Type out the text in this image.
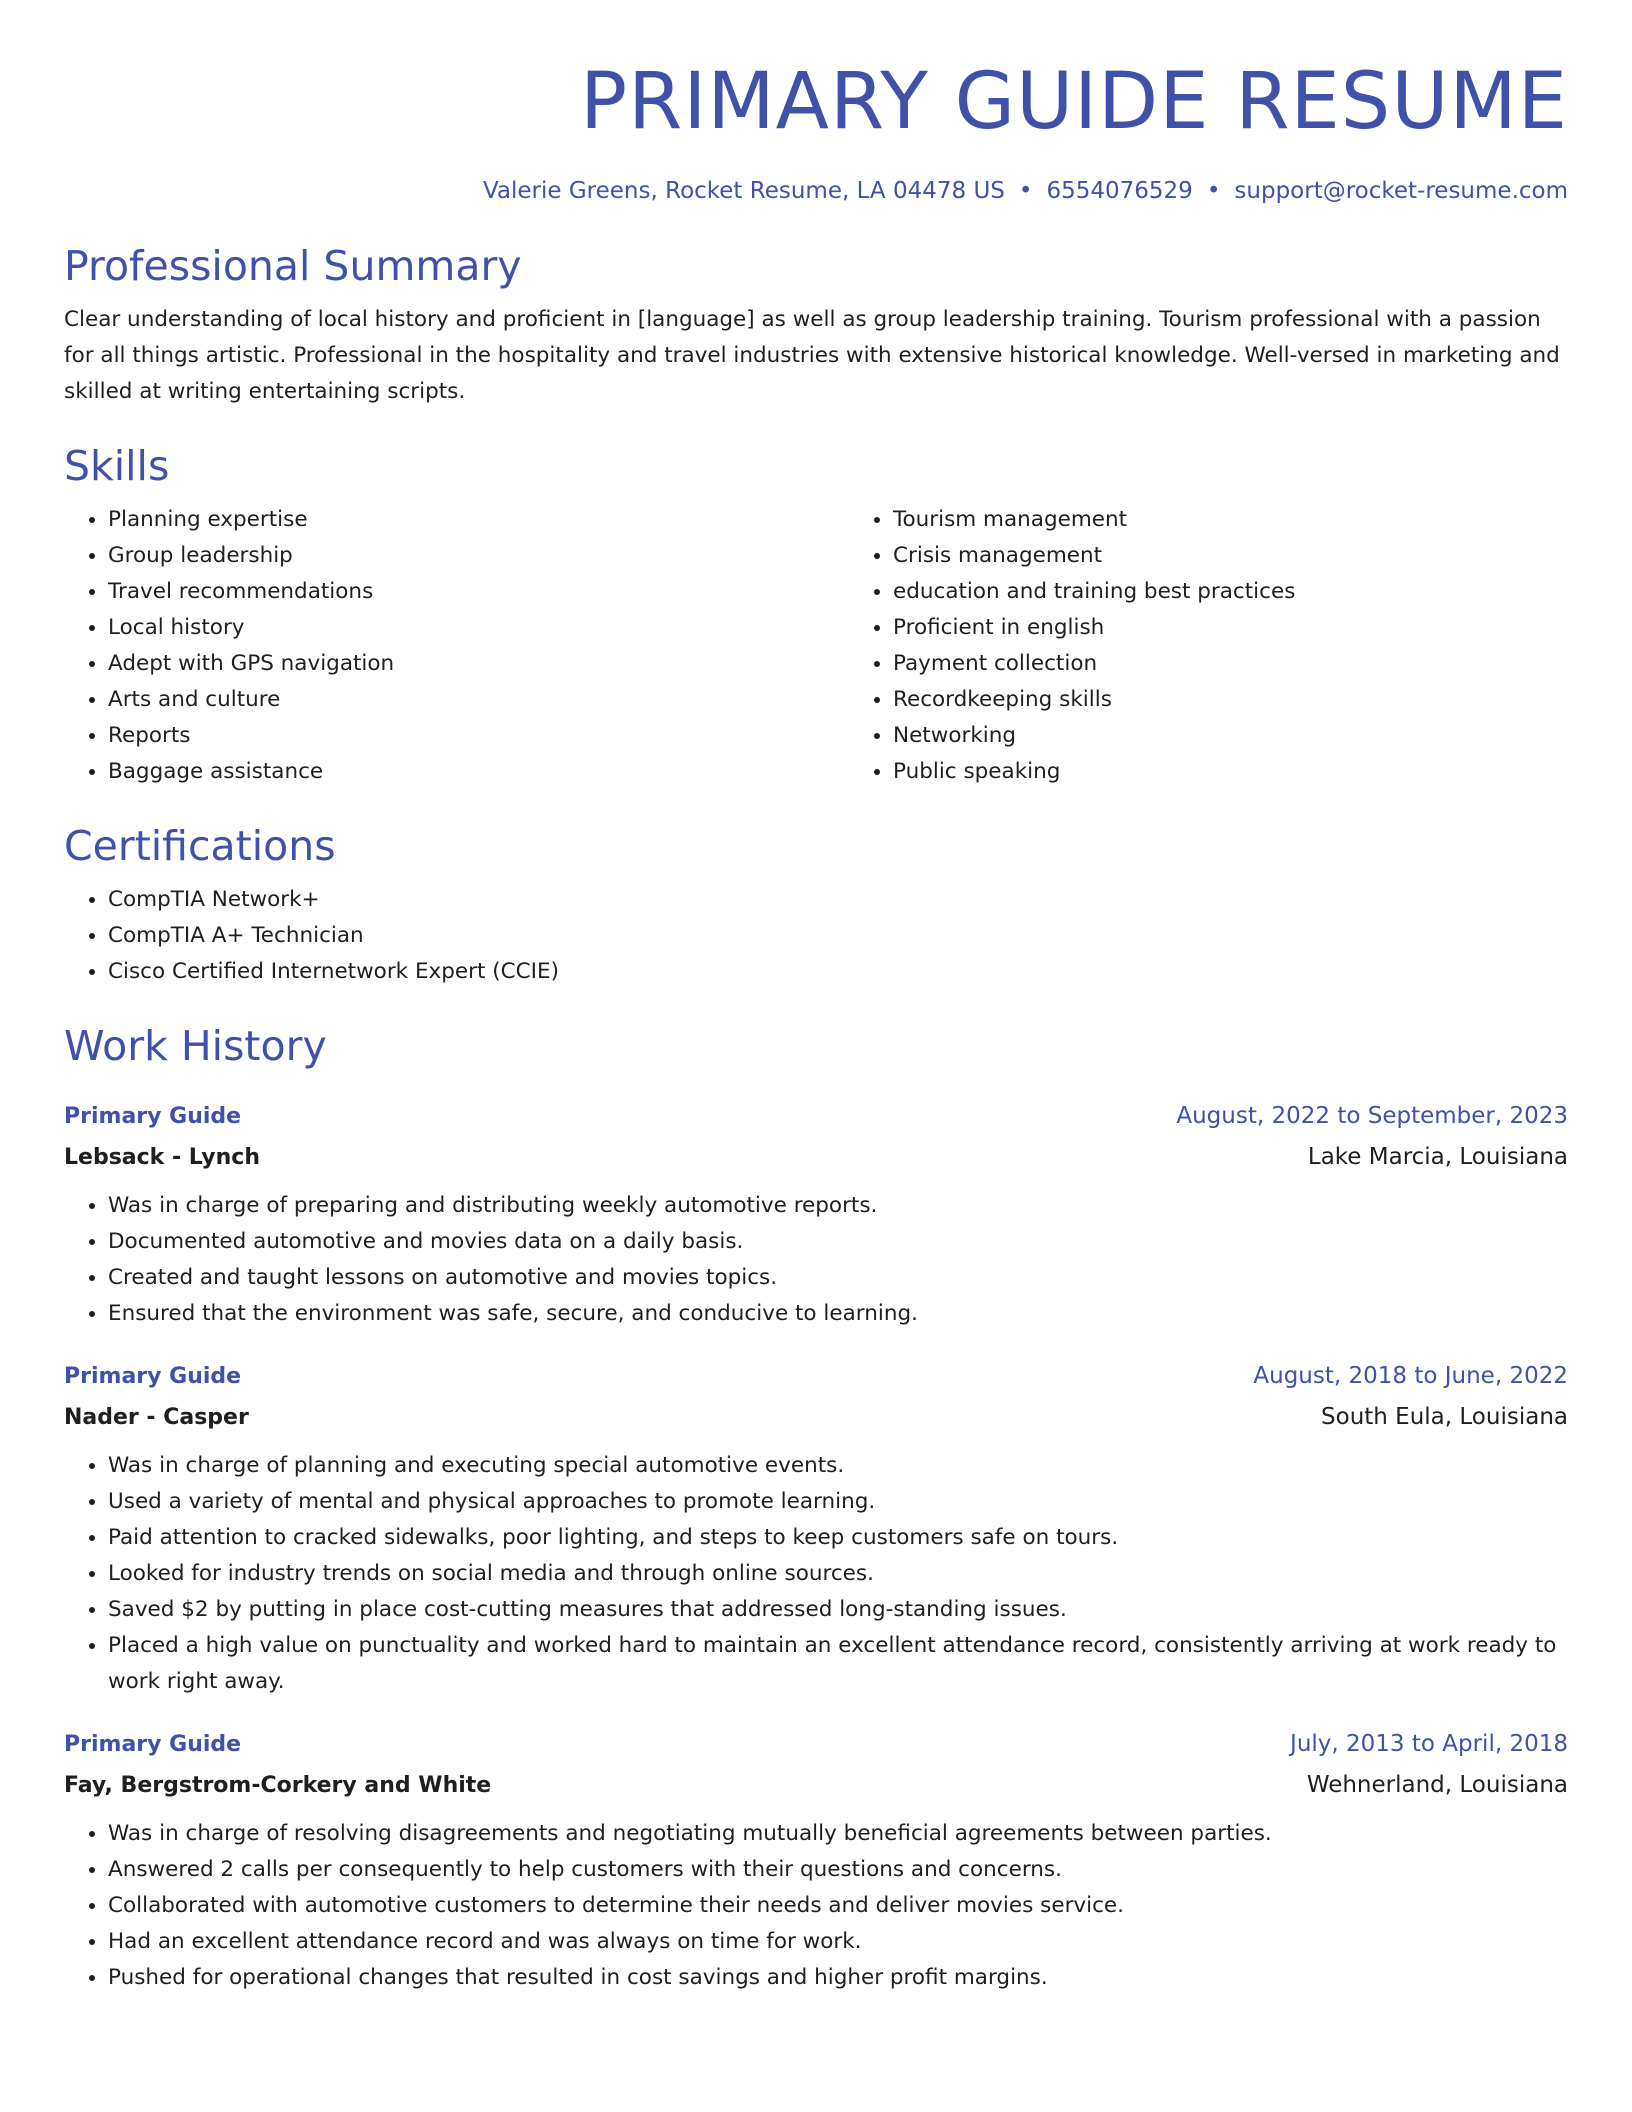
PRIMARY GUIDE RESUME
Valerie Greens, Rocket Resume, LA 04478 US • 6554076529 • support@rocket-resume.com
Professional Summary

Clear understanding of local history and proficient in [language] as well as group leadership training. Tourism professional with a passion for all things artistic. Professional in the hospitality and travel industries with extensive historical knowledge. Well-versed in marketing and skilled at writing entertaining scripts.

Skills
• Planning expertise
• Group leadership
• Travel recommendations
• Local history
• Adept with GPS navigation
• Arts and culture
• Reports
• Baggage assistance
• Tourism management
• Crisis management
• education and training best practices
• Proficient in english
• Payment collection
• Recordkeeping skills
• Networking
• Public speaking
Certifications
• CompTIA Network+
• CompTIA A+ Technician
• Cisco Certified Internetwork Expert (CCIE)
Work History
Primary Guide	August, 2022 to September, 2023
Lebsack - Lynch	Lake Marcia, Louisiana
• Was in charge of preparing and distributing weekly automotive reports.
• Documented automotive and movies data on a daily basis.
• Created and taught lessons on automotive and movies topics.
• Ensured that the environment was safe, secure, and conducive to learning.
Primary Guide	August, 2018 to June, 2022
Nader - Casper	South Eula, Louisiana
• Was in charge of planning and executing special automotive events.
• Used a variety of mental and physical approaches to promote learning.
• Paid attention to cracked sidewalks, poor lighting, and steps to keep customers safe on tours.
• Looked for industry trends on social media and through online sources.
• Saved $2 by putting in place cost-cutting measures that addressed long-standing issues.
• Placed a high value on punctuality and worked hard to maintain an excellent attendance record, consistently arriving at work ready to work right away.
Primary Guide	July, 2013 to April, 2018
Fay, Bergstrom-Corkery and White	Wehnerland, Louisiana
• Was in charge of resolving disagreements and negotiating mutually beneficial agreements between parties.
• Answered 2 calls per consequently to help customers with their questions and concerns.
• Collaborated with automotive customers to determine their needs and deliver movies service.
• Had an excellent attendance record and was always on time for work.
• Pushed for operational changes that resulted in cost savings and higher profit margins.
